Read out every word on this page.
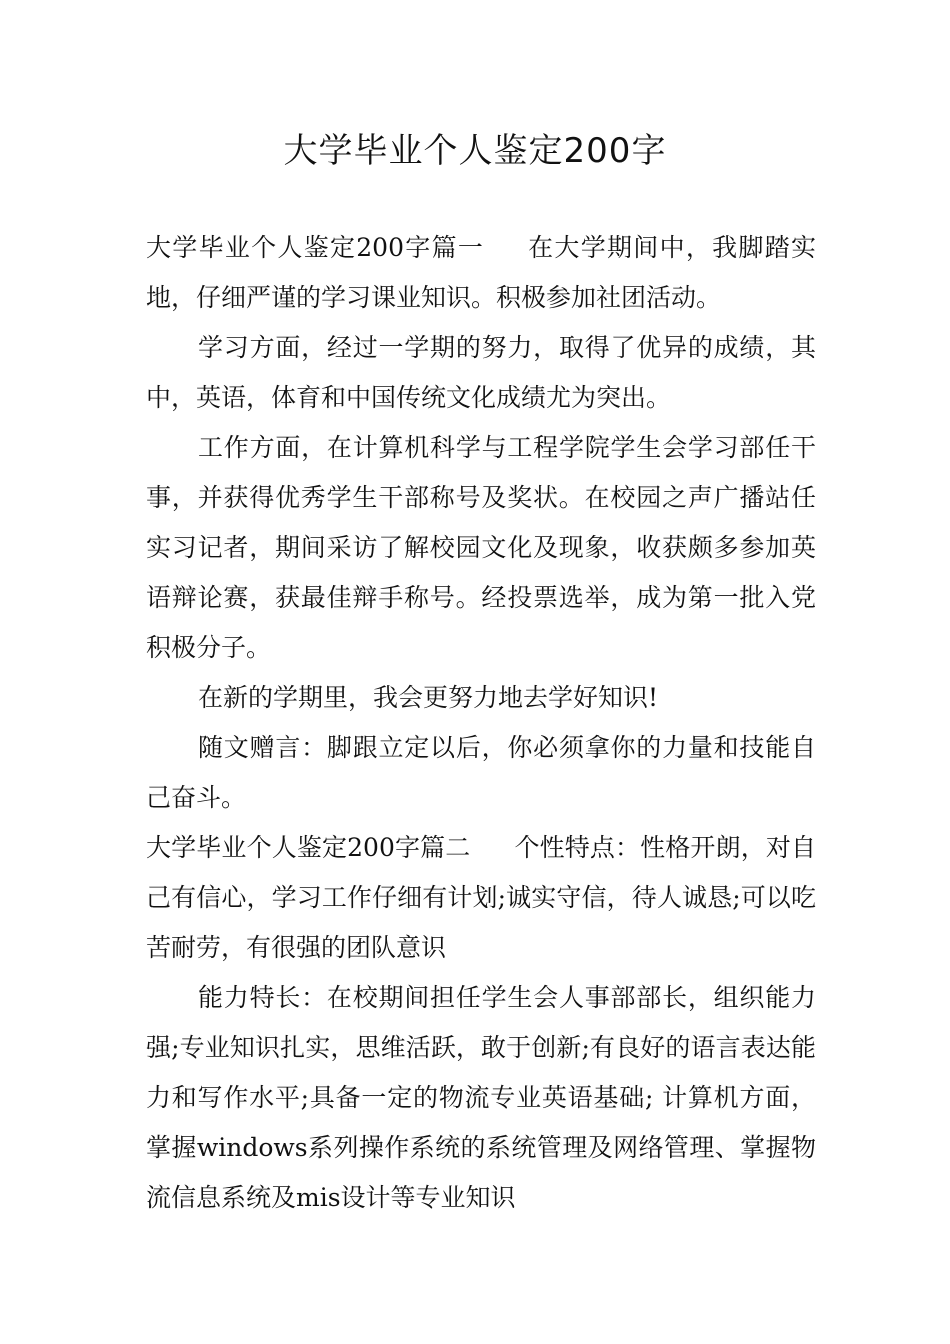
大学毕业个人鉴定200字

大学毕业个人鉴定200字篇一 在大学期间中，我脚踏实地，仔细严谨的学习课业知识。积极参加社团活动。

学习方面，经过一学期的努力，取得了优异的成绩，其中，英语，体育和中国传统文化成绩尤为突出。

工作方面，在计算机科学与工程学院学生会学习部任干事，并获得优秀学生干部称号及奖状。在校园之声广播站任实习记者，期间采访了解校园文化及现象，收获颇多参加英语辩论赛，获最佳辩手称号。经投票选举，成为第一批入党积极分子。

在新的学期里，我会更努力地去学好知识!

随文赠言：脚跟立定以后，你必须拿你的力量和技能自己奋斗。

大学毕业个人鉴定200字篇二 个性特点：性格开朗，对自己有信心，学习工作仔细有计划;诚实守信，待人诚恳;可以吃苦耐劳，有很强的团队意识

能力特长：在校期间担任学生会人事部部长，组织能力强;专业知识扎实，思维活跃，敢于创新;有良好的语言表达能力和写作水平;具备一定的物流专业英语基础; 计算机方面，掌握windows系列操作系统的系统管理及网络管理、掌握物流信息系统及mis设计等专业知识
